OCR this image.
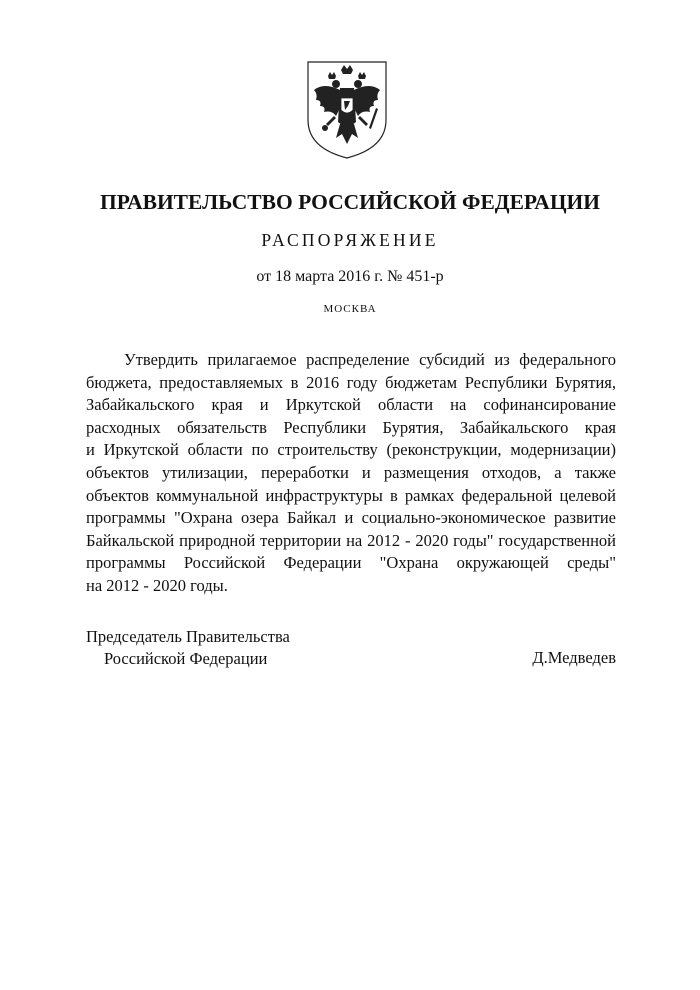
ПРАВИТЕЛЬСТВО РОССИЙСКОЙ ФЕДЕРАЦИИ
РАСПОРЯЖЕНИЕ
от 18 марта 2016 г. № 451-р
МОСКВА
Утвердить прилагаемое распределение субсидий из федерального
бюджета, предоставляемых в 2016 году бюджетам Республики Бурятия,
Забайкальского края и Иркутской области на софинансирование
расходных обязательств Республики Бурятия, Забайкальского края
и Иркутской области по строительству (реконструкции, модернизации)
объектов утилизации, переработки и размещения отходов, а также
объектов коммунальной инфраструктуры в рамках федеральной целевой
программы "Охрана озера Байкал и социально-экономическое развитие
Байкальской природной территории на 2012 - 2020 годы" государственной
программы Российской Федерации "Охрана окружающей среды"
на 2012 - 2020 годы.
Председатель Правительства
Российской Федерации	Д.Медведев
